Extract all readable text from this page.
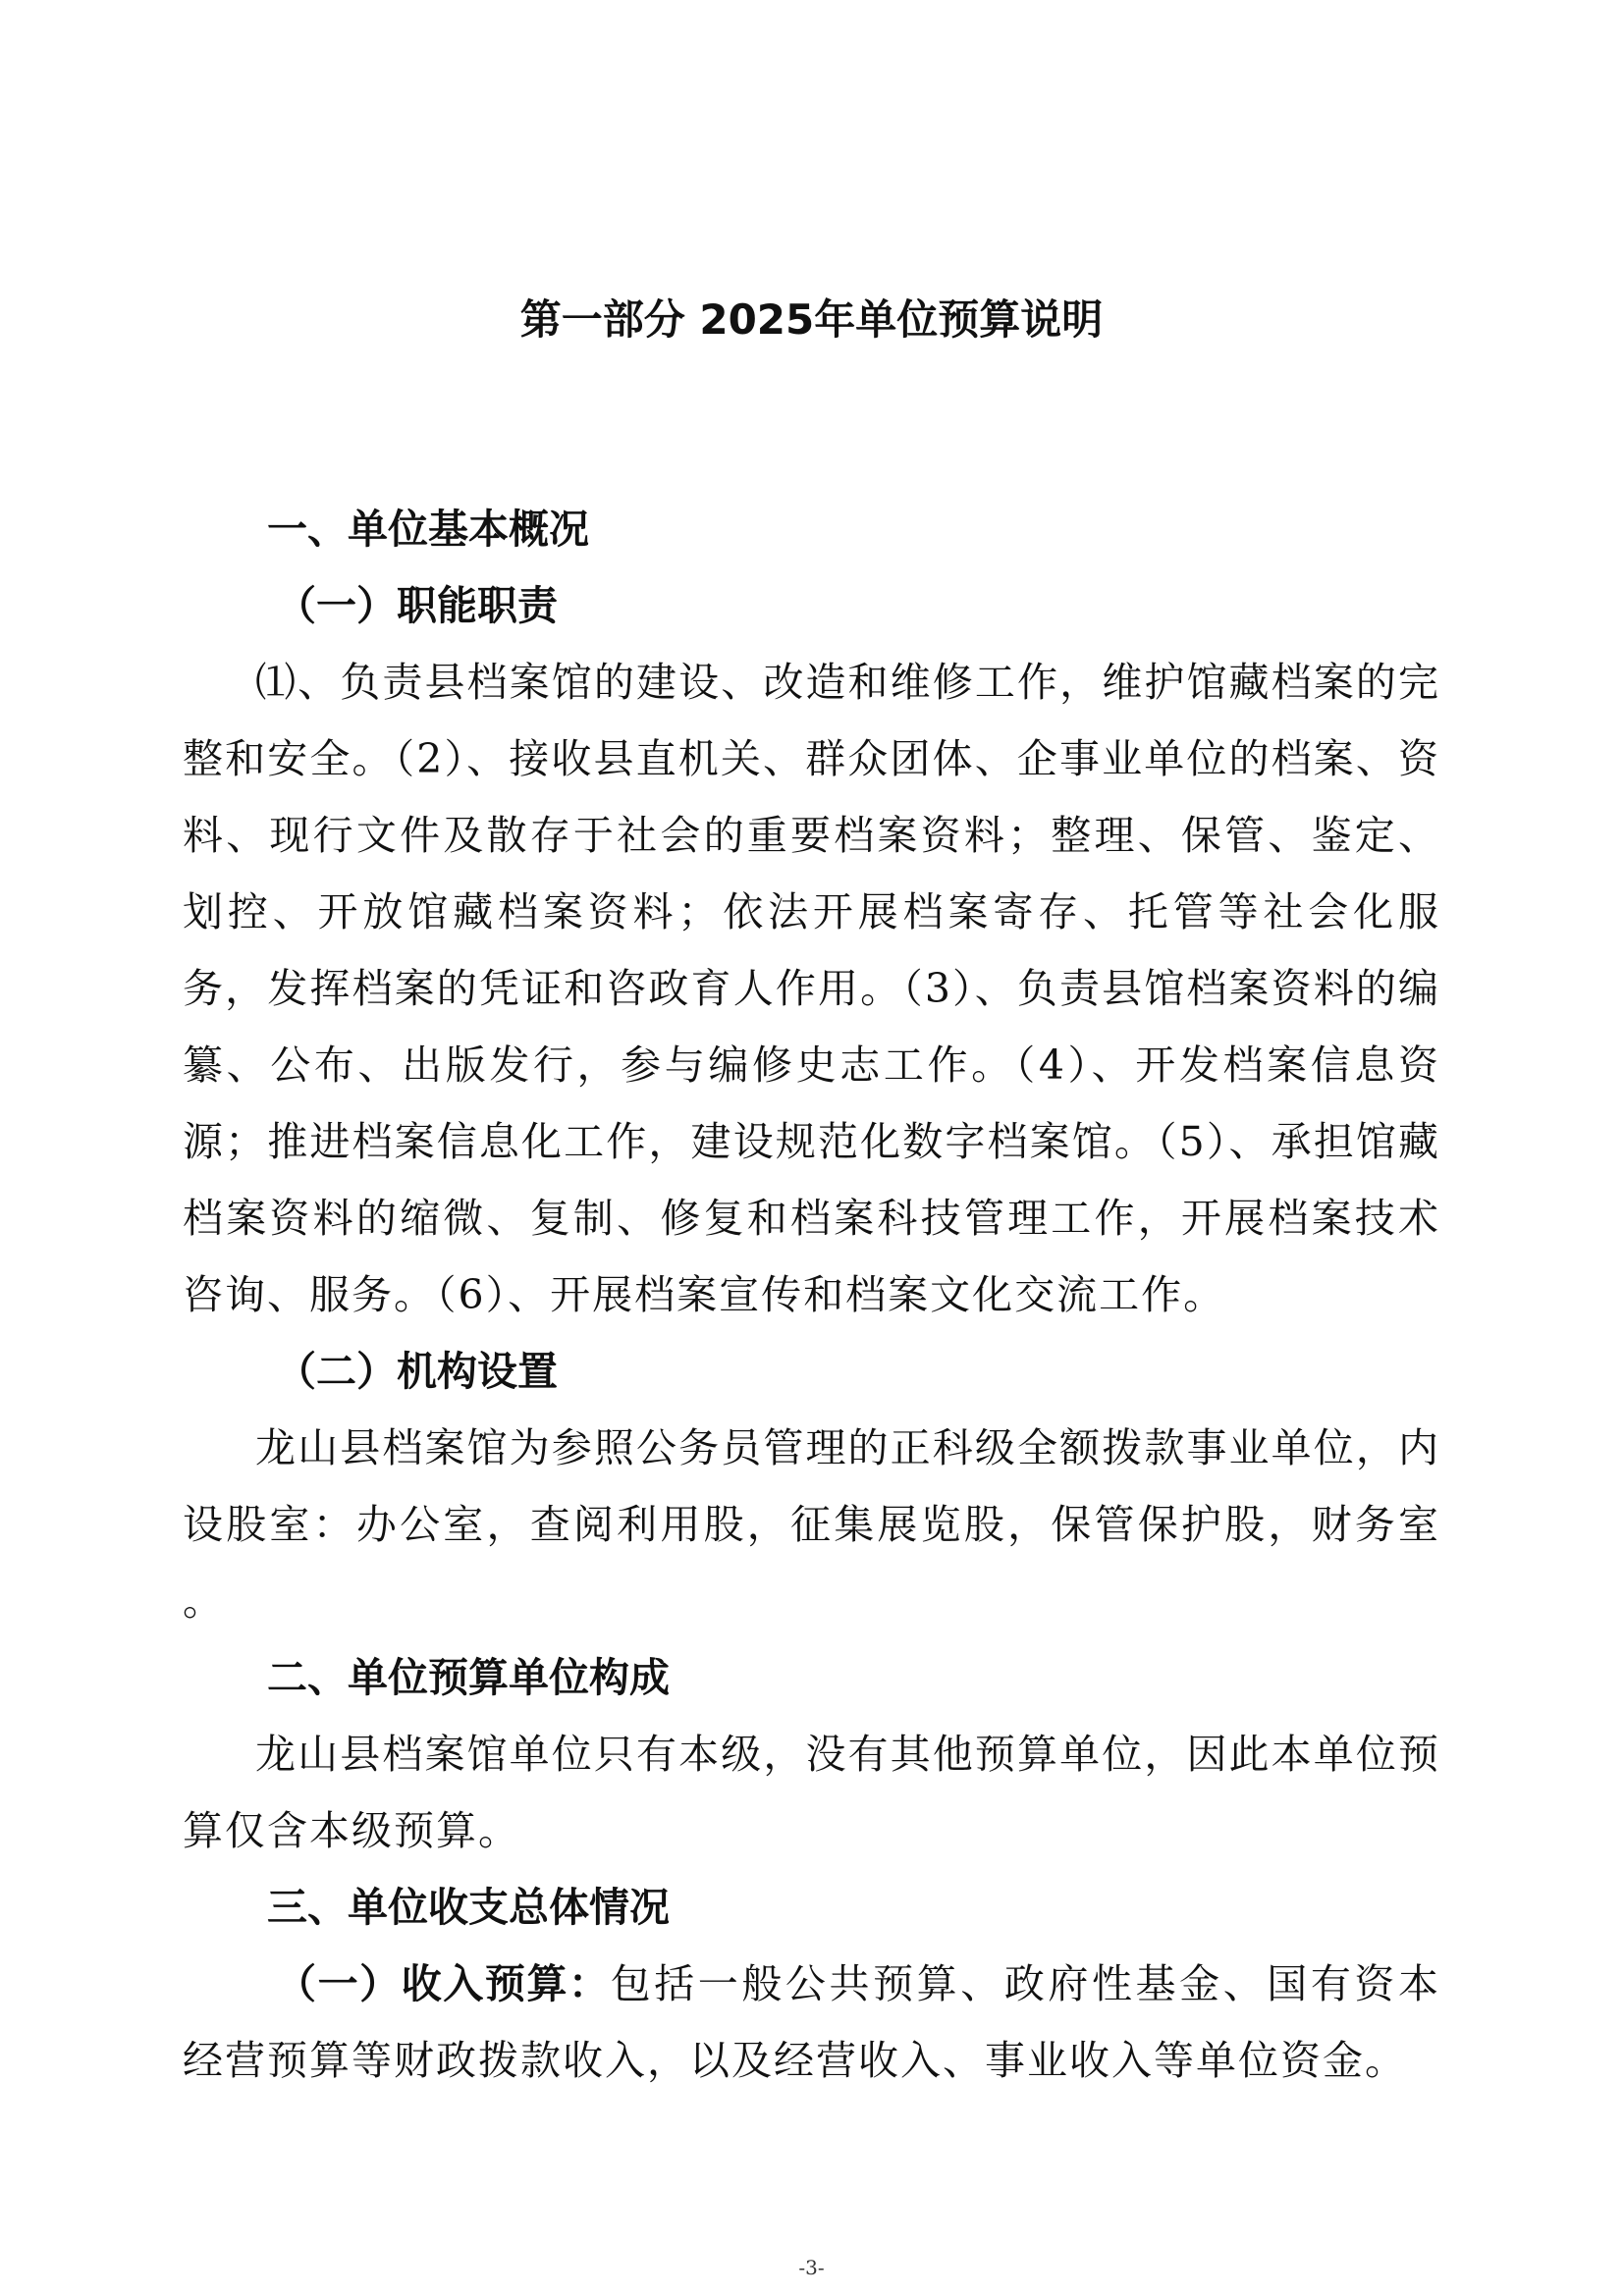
第一部分 2025年单位预算说明

一、单位基本概况

（一）职能职责

⑴、负责县档案馆的建设、改造和维修工作，维护馆藏档案的完整和安全。（2）、接收县直机关、群众团体、企事业单位的档案、资料、现行文件及散存于社会的重要档案资料；整理、保管、鉴定、划控、开放馆藏档案资料；依法开展档案寄存、托管等社会化服务，发挥档案的凭证和咨政育人作用。（3）、负责县馆档案资料的编纂、公布、出版发行，参与编修史志工作。（4）、开发档案信息资源；推进档案信息化工作，建设规范化数字档案馆。（5）、承担馆藏档案资料的缩微、复制、修复和档案科技管理工作，开展档案技术咨询、服务。（6）、开展档案宣传和档案文化交流工作。

（二）机构设置

龙山县档案馆为参照公务员管理的正科级全额拨款事业单位，内设股室：办公室，查阅利用股，征集展览股，保管保护股，财务室 。

二、单位预算单位构成

龙山县档案馆单位只有本级，没有其他预算单位，因此本单位预算仅含本级预算。

三、单位收支总体情况

（一）收入预算：包括一般公共预算、政府性基金、国有资本经营预算等财政拨款收入，以及经营收入、事业收入等单位资金。

-3-
